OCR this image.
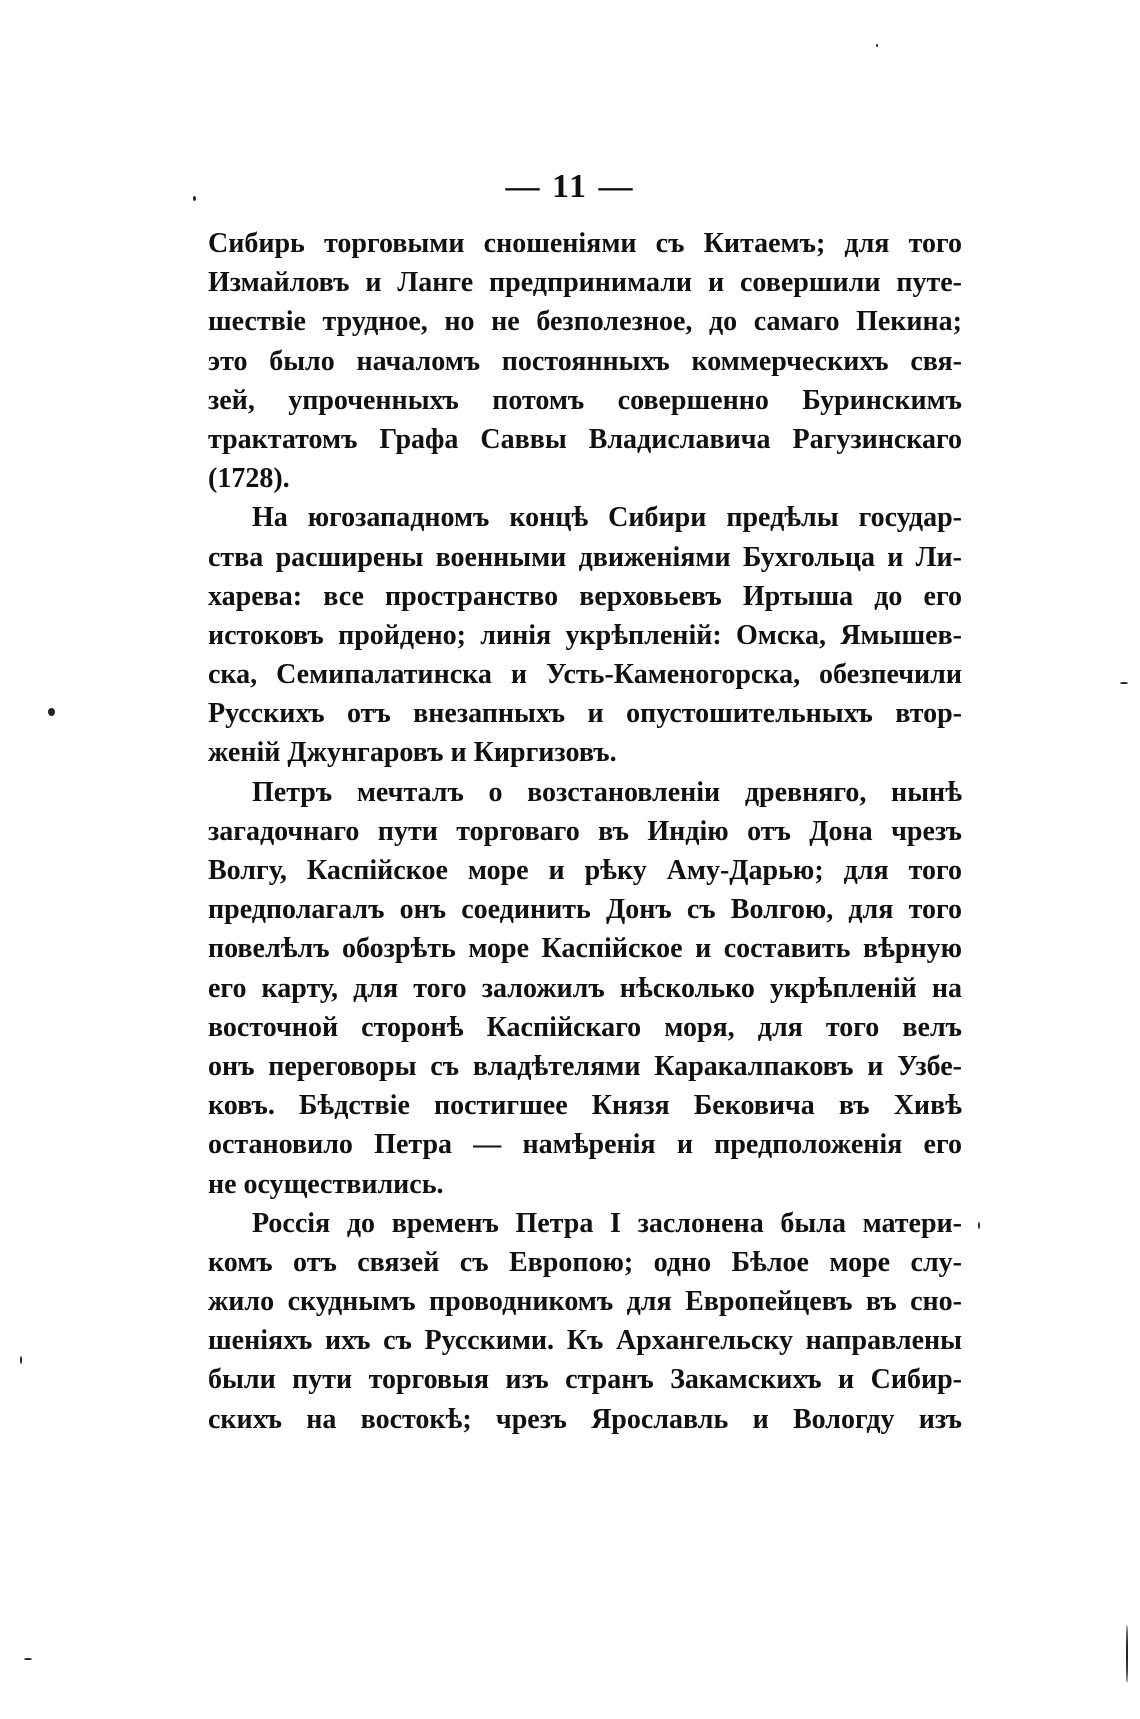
— 11 —
Сибирь торговыми сношеніями съ Китаемъ; для того
Измайловъ и Ланге предпринимали и совершили путе-
шествіе трудное, но не безполезное, до самаго Пекина;
это было началомъ постоянныхъ коммерческихъ свя-
зей, упроченныхъ потомъ совершенно Буринскимъ
трактатомъ Графа Саввы Владиславича Рагузинскаго
(1728).
На югозападномъ концѣ Сибири предѣлы государ-
ства расширены военными движеніями Бухгольца и Ли-
харева: все пространство верховьевъ Иртыша до его
истоковъ пройдено; линія укрѣпленій: Омска, Ямышев-
ска, Семипалатинска и Усть-Каменогорска, обезпечили
Русскихъ отъ внезапныхъ и опустошительныхъ втор-
женій Джунгаровъ и Киргизовъ.
Петръ мечталъ о возстановленіи древняго, нынѣ
загадочнаго пути торговаго въ Индію отъ Дона чрезъ
Волгу, Каспійское море и рѣку Аму-Дарью; для того
предполагалъ онъ соединить Донъ съ Волгою, для того
повелѣлъ обозрѣть море Каспійское и составить вѣрную
его карту, для того заложилъ нѣсколько укрѣпленій на
восточной сторонѣ Каспійскаго моря, для того велъ
онъ переговоры съ владѣтелями Каракалпаковъ и Узбе-
ковъ. Бѣдствіе постигшее Князя Бековича въ Хивѣ
остановило Петра — намѣренія и предположенія его
не осуществились.
Россія до временъ Петра I заслонена была матери-
комъ отъ связей съ Европою; одно Бѣлое море слу-
жило скуднымъ проводникомъ для Европейцевъ въ сно-
шеніяхъ ихъ съ Русскими. Къ Архангельску направлены
были пути торговыя изъ странъ Закамскихъ и Сибир-
скихъ на востокѣ; чрезъ Ярославль и Вологду изъ
